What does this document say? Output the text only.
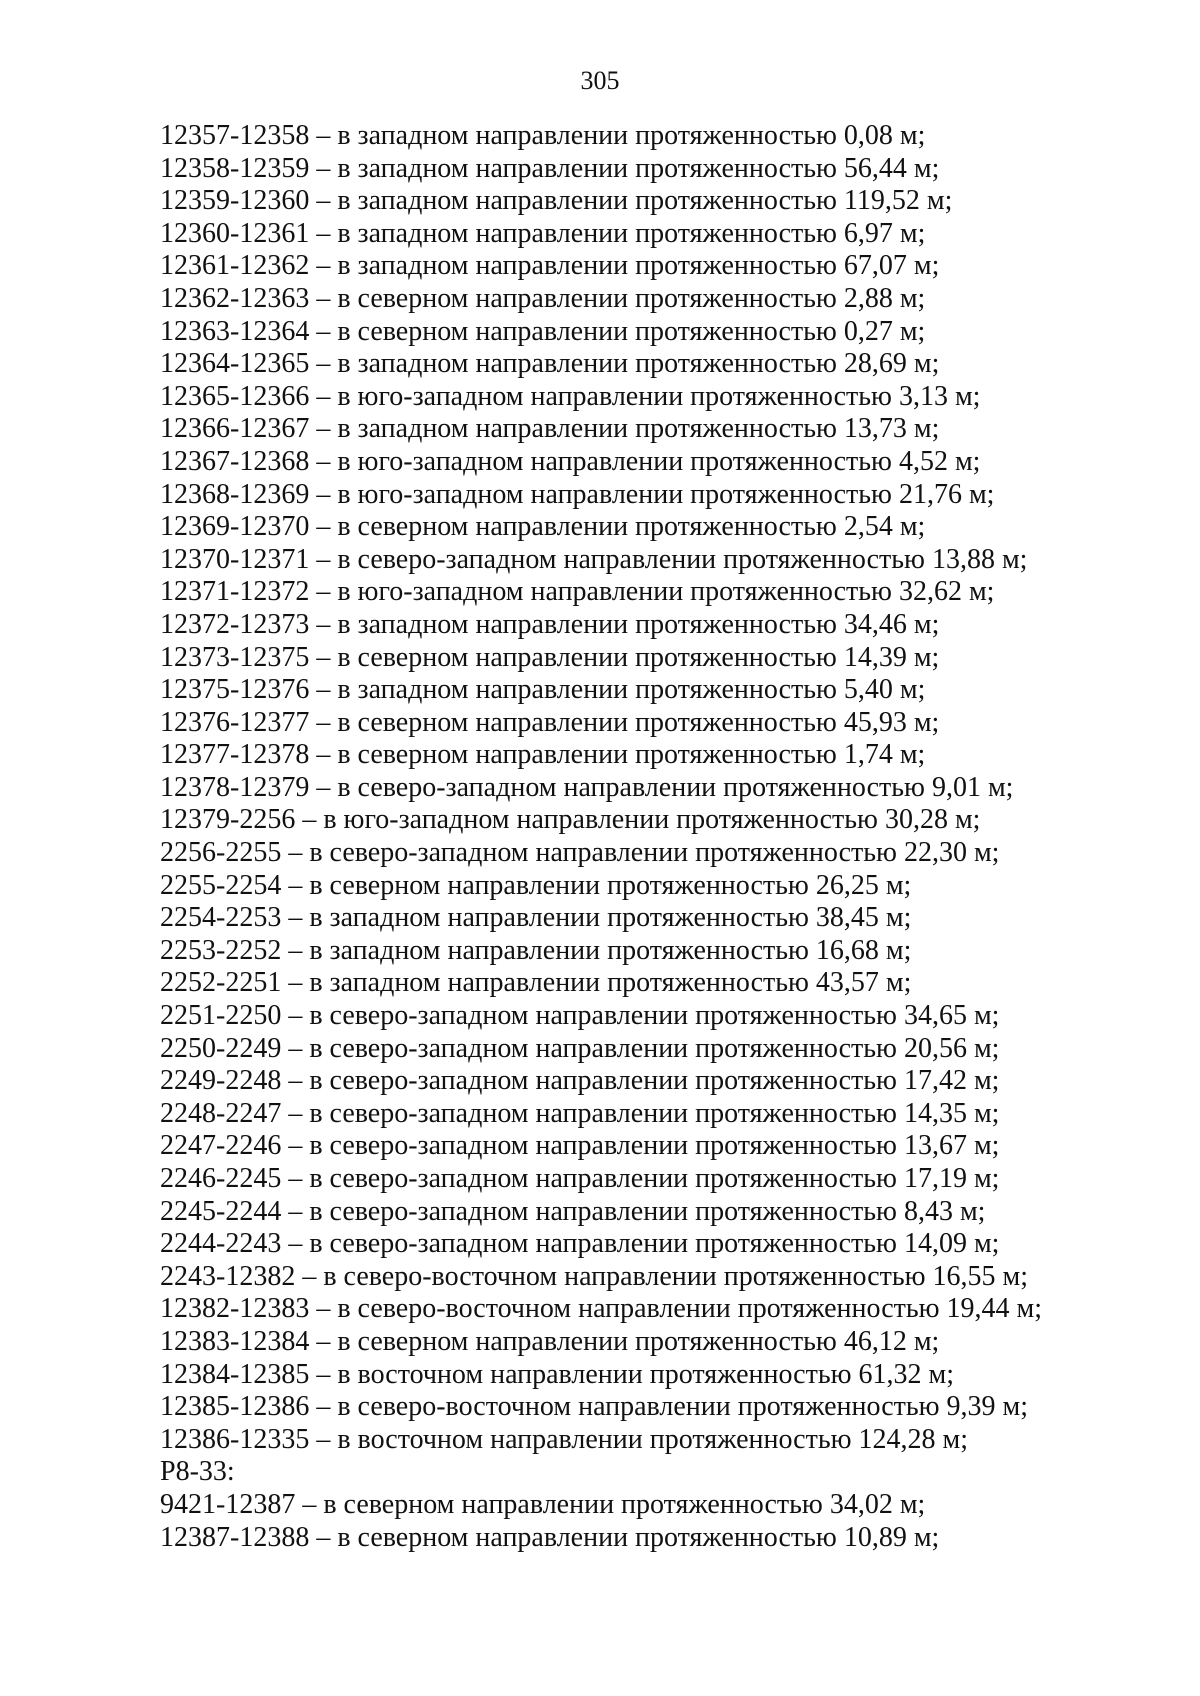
305
12357-12358 – в западном направлении протяженностью 0,08 м;
12358-12359 – в западном направлении протяженностью 56,44 м;
12359-12360 – в западном направлении протяженностью 119,52 м;
12360-12361 – в западном направлении протяженностью 6,97 м;
12361-12362 – в западном направлении протяженностью 67,07 м;
12362-12363 – в северном направлении протяженностью 2,88 м;
12363-12364 – в северном направлении протяженностью 0,27 м;
12364-12365 – в западном направлении протяженностью 28,69 м;
12365-12366 – в юго-западном направлении протяженностью 3,13 м;
12366-12367 – в западном направлении протяженностью 13,73 м;
12367-12368 – в юго-западном направлении протяженностью 4,52 м;
12368-12369 – в юго-западном направлении протяженностью 21,76 м;
12369-12370 – в северном направлении протяженностью 2,54 м;
12370-12371 – в северо-западном направлении протяженностью 13,88 м;
12371-12372 – в юго-западном направлении протяженностью 32,62 м;
12372-12373 – в западном направлении протяженностью 34,46 м;
12373-12375 – в северном направлении протяженностью 14,39 м;
12375-12376 – в западном направлении протяженностью 5,40 м;
12376-12377 – в северном направлении протяженностью 45,93 м;
12377-12378 – в северном направлении протяженностью 1,74 м;
12378-12379 – в северо-западном направлении протяженностью 9,01 м;
12379-2256 – в юго-западном направлении протяженностью 30,28 м;
2256-2255 – в северо-западном направлении протяженностью 22,30 м;
2255-2254 – в северном направлении протяженностью 26,25 м;
2254-2253 – в западном направлении протяженностью 38,45 м;
2253-2252 – в западном направлении протяженностью 16,68 м;
2252-2251 – в западном направлении протяженностью 43,57 м;
2251-2250 – в северо-западном направлении протяженностью 34,65 м;
2250-2249 – в северо-западном направлении протяженностью 20,56 м;
2249-2248 – в северо-западном направлении протяженностью 17,42 м;
2248-2247 – в северо-западном направлении протяженностью 14,35 м;
2247-2246 – в северо-западном направлении протяженностью 13,67 м;
2246-2245 – в северо-западном направлении протяженностью 17,19 м;
2245-2244 – в северо-западном направлении протяженностью 8,43 м;
2244-2243 – в северо-западном направлении протяженностью 14,09 м;
2243-12382 – в северо-восточном направлении протяженностью 16,55 м;
12382-12383 – в северо-восточном направлении протяженностью 19,44 м;
12383-12384 – в северном направлении протяженностью 46,12 м;
12384-12385 – в восточном направлении протяженностью 61,32 м;
12385-12386 – в северо-восточном направлении протяженностью 9,39 м;
12386-12335 – в восточном направлении протяженностью 124,28 м;
Р8-33:
9421-12387 – в северном направлении протяженностью 34,02 м;
12387-12388 – в северном направлении протяженностью 10,89 м;
